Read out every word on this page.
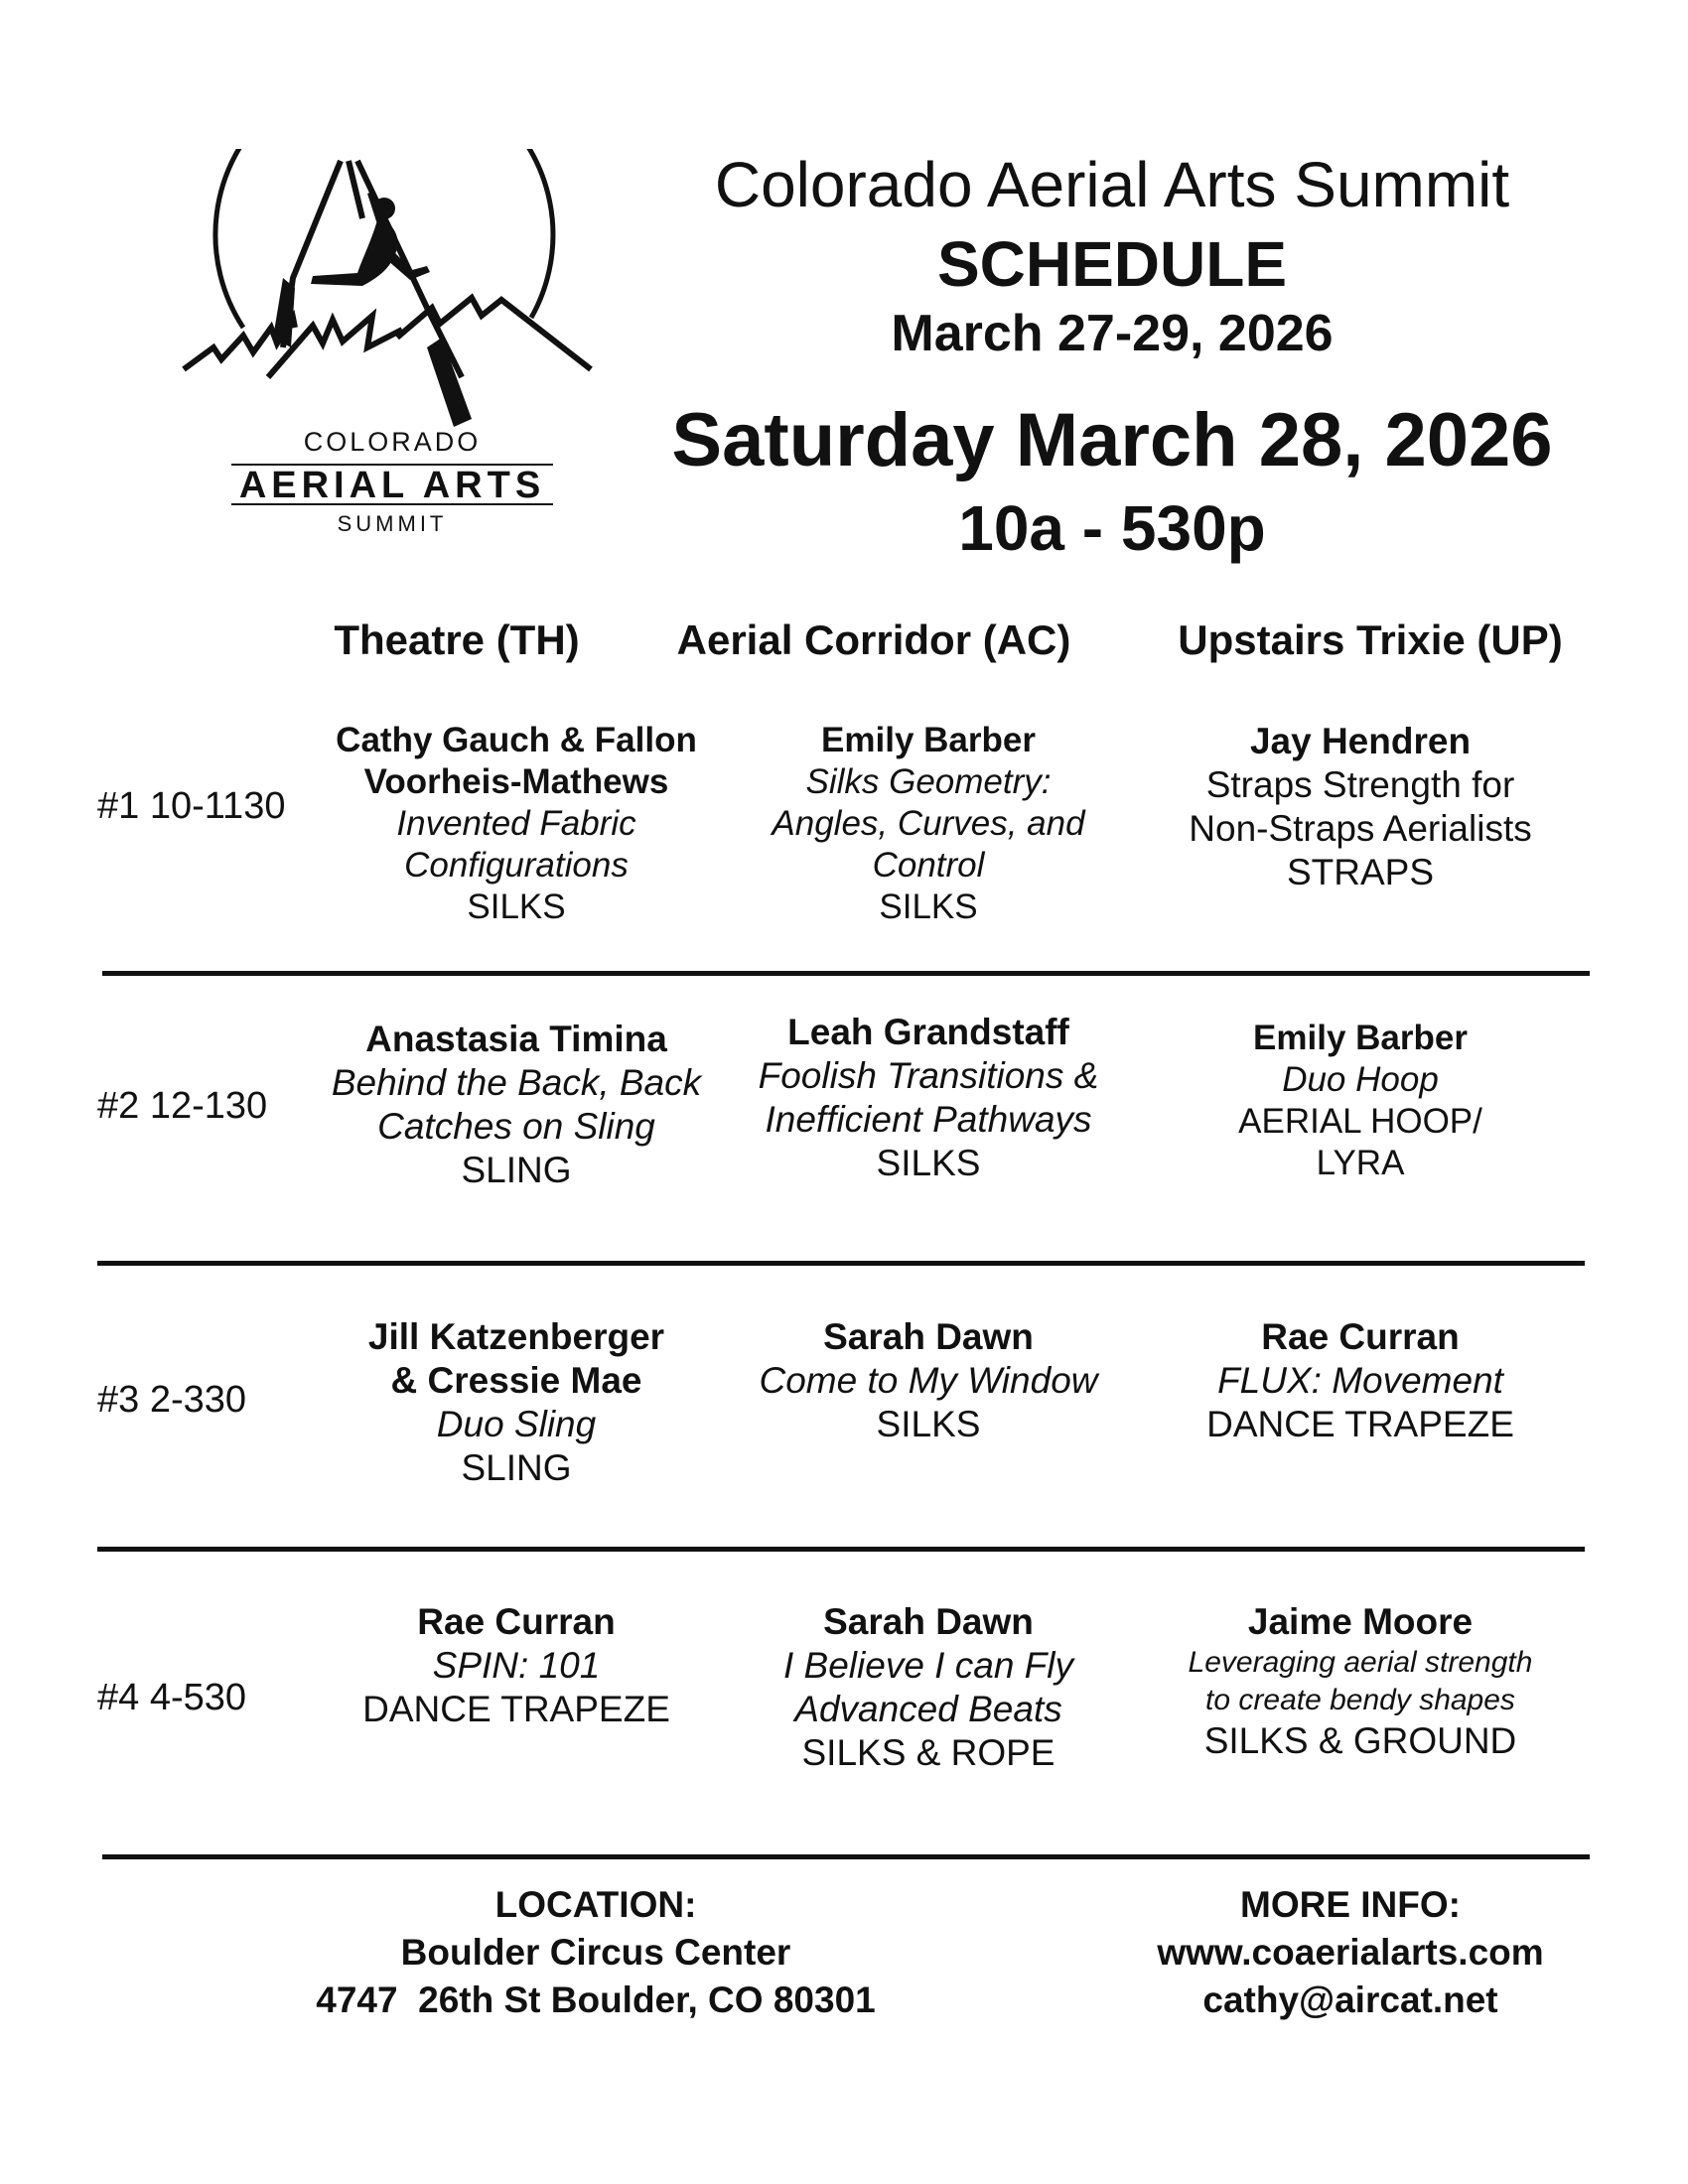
COLORADO
AERIAL ARTS
SUMMIT
Colorado Aerial Arts Summit
SCHEDULE
March 27-29, 2026
Saturday March 28, 2026
10a - 530p
Theatre (TH)	Aerial Corridor (AC)	Upstairs Trixie (UP)
#1 10-1130
Cathy Gauch & Fallon
Voorheis-Mathews
Invented Fabric
Configurations
SILKS
Emily Barber
Silks Geometry:
Angles, Curves, and
Control
SILKS
Jay Hendren
Straps Strength for
Non-Straps Aerialists
STRAPS
#2 12-130
Anastasia Timina
Behind the Back, Back
Catches on Sling
SLING
Leah Grandstaff
Foolish Transitions &
Inefficient Pathways
SILKS
Emily Barber
Duo Hoop
AERIAL HOOP/
LYRA
#3 2-330
Jill Katzenberger
& Cressie Mae
Duo Sling
SLING
Sarah Dawn
Come to My Window
SILKS
Rae Curran
FLUX: Movement
DANCE TRAPEZE
#4 4-530
Rae Curran
SPIN: 101
DANCE TRAPEZE
Sarah Dawn
I Believe I can Fly
Advanced Beats
SILKS & ROPE
Jaime Moore
Leveraging aerial strength
to create bendy shapes
SILKS & GROUND
LOCATION:
Boulder Circus Center
4747  26th St Boulder, CO 80301
MORE INFO:
www.coaerialarts.com
cathy@aircat.net
